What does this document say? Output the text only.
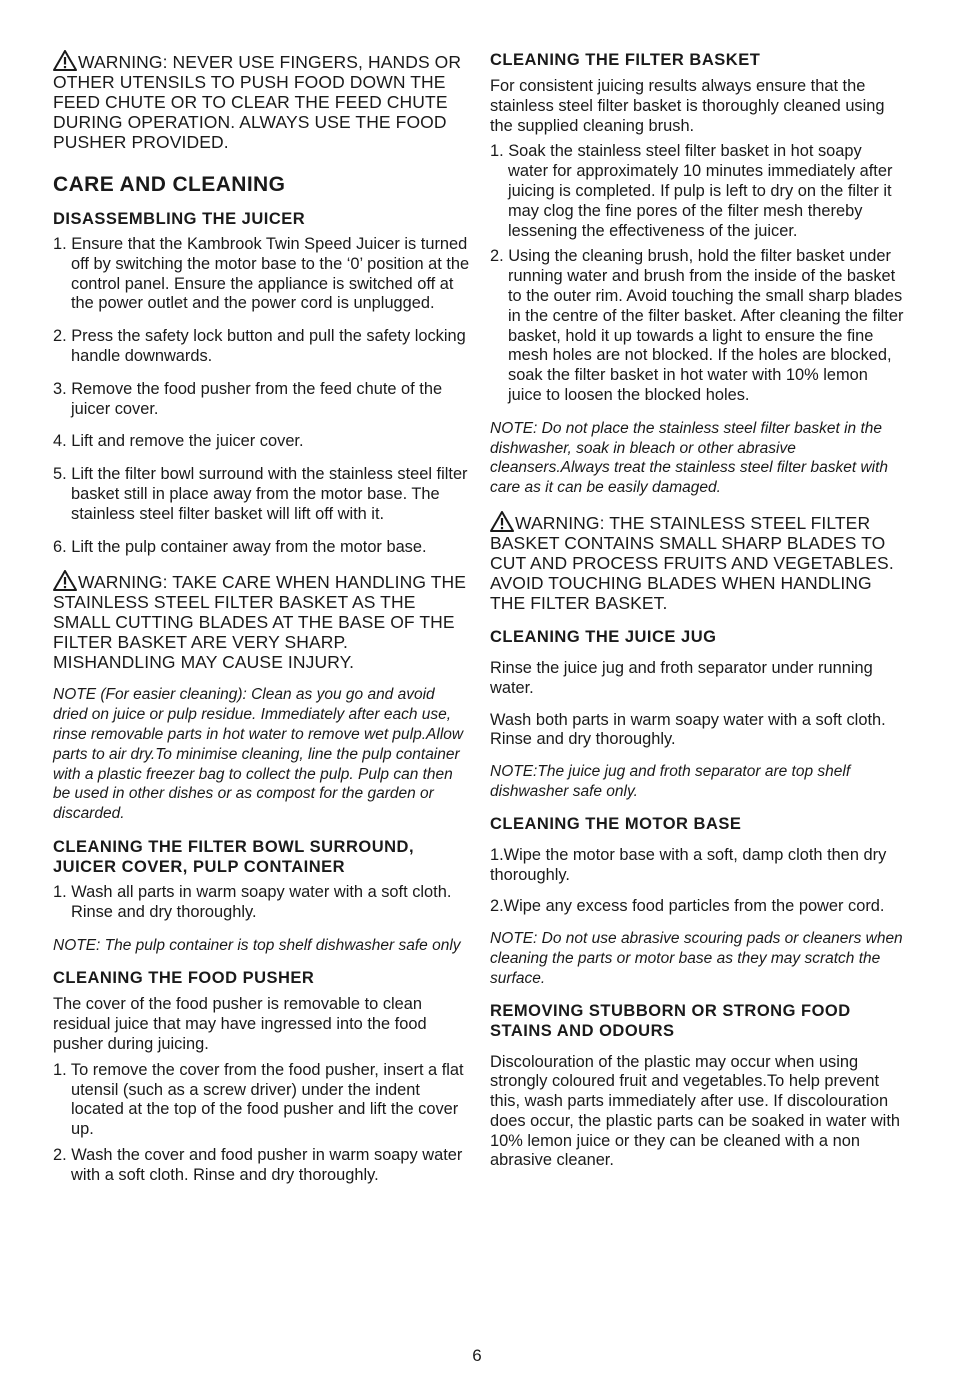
WARNING: NEVER USE FINGERS, HANDS OR OTHER UTENSILS TO PUSH FOOD DOWN THE FEED CHUTE OR TO CLEAR THE FEED CHUTE DURING OPERATION. ALWAYS USE THE FOOD PUSHER PROVIDED.

CARE AND CLEANING
DISASSEMBLING THE JUICER
1. Ensure that the Kambrook Twin Speed Juicer is turned off by switching the motor base to the ‘0’ position at the control panel. Ensure the appliance is switched off at the power outlet and the power cord is unplugged.
2. Press the safety lock button and pull the safety locking handle downwards.
3. Remove the food pusher from the feed chute of the juicer cover.
4. Lift and remove the juicer cover.
5. Lift the filter bowl surround with the stainless steel filter basket still in place away from the motor base. The stainless steel filter basket will lift off with it.
6. Lift the pulp container away from the motor base.

WARNING: TAKE CARE WHEN HANDLING THE STAINLESS STEEL FILTER BASKET AS THE SMALL CUTTING BLADES AT THE BASE OF THE FILTER BASKET ARE VERY SHARP. MISHANDLING MAY CAUSE INJURY.

NOTE (For easier cleaning): Clean as you go and avoid dried on juice or pulp residue. Immediately after each use, rinse removable parts in hot water to remove wet pulp.Allow parts to air dry.To minimise cleaning, line the pulp container with a plastic freezer bag to collect the pulp. Pulp can then be used in other dishes or as compost for the garden or discarded.

CLEANING THE FILTER BOWL SURROUND, JUICER COVER, PULP CONTAINER
1. Wash all parts in warm soapy water with a soft cloth. Rinse and dry thoroughly.

NOTE: The pulp container is top shelf dishwasher safe only

CLEANING THE FOOD PUSHER

The cover of the food pusher is removable to clean residual juice that may have ingressed into the food pusher during juicing.

1. To remove the cover from the food pusher, insert a flat utensil (such as a screw driver) under the indent located at the top of the food pusher and lift the cover up.
2. Wash the cover and food pusher in warm soapy water with a soft cloth. Rinse and dry thoroughly.
CLEANING THE FILTER BASKET

For consistent juicing results always ensure that the stainless steel filter basket is thoroughly cleaned using the supplied cleaning brush.

1. Soak the stainless steel filter basket in hot soapy water for approximately 10 minutes immediately after juicing is completed. If pulp is left to dry on the filter it may clog the fine pores of the filter mesh thereby lessening the effectiveness of the juicer.
2. Using the cleaning brush, hold the filter basket under running water and brush from the inside of the basket to the outer rim. Avoid touching the small sharp blades in the centre of the filter basket. After cleaning the filter basket, hold it up towards a light to ensure the fine mesh holes are not blocked. If the holes are blocked, soak the filter basket in hot water with 10% lemon juice to loosen the blocked holes.

NOTE: Do not place the stainless steel filter basket in the dishwasher, soak in bleach or other abrasive cleansers.Always treat the stainless steel filter basket with care as it can be easily damaged.

WARNING: THE STAINLESS STEEL FILTER BASKET CONTAINS SMALL SHARP BLADES TO CUT AND PROCESS FRUITS AND VEGETABLES. AVOID TOUCHING BLADES WHEN HANDLING THE FILTER BASKET.

CLEANING THE JUICE JUG

Rinse the juice jug and froth separator under running water.

Wash both parts in warm soapy water with a soft cloth. Rinse and dry thoroughly.

NOTE:The juice jug and froth separator are top shelf dishwasher safe only.

CLEANING THE MOTOR BASE

1.Wipe the motor base with a soft, damp cloth then dry thoroughly.

2.Wipe any excess food particles from the power cord.

NOTE: Do not use abrasive scouring pads or cleaners when cleaning the parts or motor base as they may scratch the surface.

REMOVING STUBBORN OR STRONG FOOD STAINS AND ODOURS

Discolouration of the plastic may occur when using strongly coloured fruit and vegetables.To help prevent this, wash parts immediately after use. If discolouration does occur, the plastic parts can be soaked in water with 10% lemon juice or they can be cleaned with a non abrasive cleaner.

6
